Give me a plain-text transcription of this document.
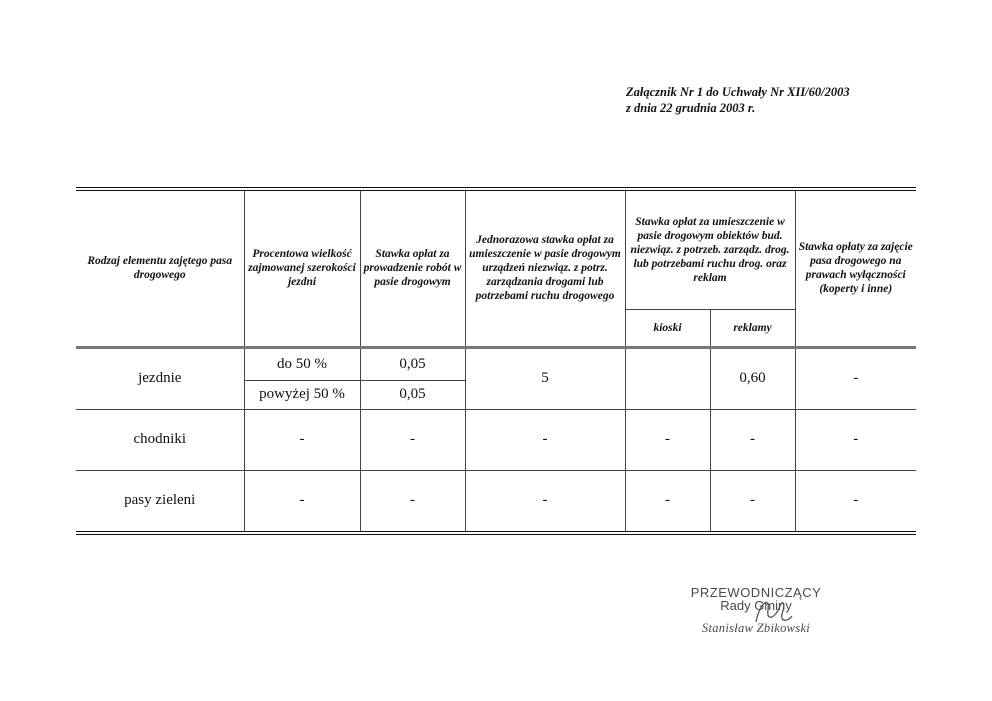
Załącznik Nr 1 do Uchwały Nr XII/60/2003
z dnia 22 grudnia 2003 r.
Rodzaj elementu zajętego pasa drogowego	Procentowa wielkość zajmowanej szerokości jezdni	Stawka opłat za prowadzenie robót w pasie drogowym	Jednorazowa stawka opłat za umieszczenie w pasie drogowym urządzeń niezwiąz. z potrz. zarządzania drogami lub potrzebami ruchu drogowego	Stawka opłat za umieszczenie w pasie drogowym obiektów bud. niezwiąz. z potrzeb. zarządz. drog. lub potrzebami ruchu drog. oraz reklam		Stawka opłaty za zajęcie pasa drogowego na prawach wyłączności (koperty i inne)
				kioski	reklamy	
jezdnie	do 50 %	0,05	5		0,60	-
	powyżej 50 %	0,05				
chodniki	-	-	-	-	-	-
pasy zieleni	-	-	-	-	-	-
PRZEWODNICZĄCY
Rady Gminy
Stanisław Zbikowski
